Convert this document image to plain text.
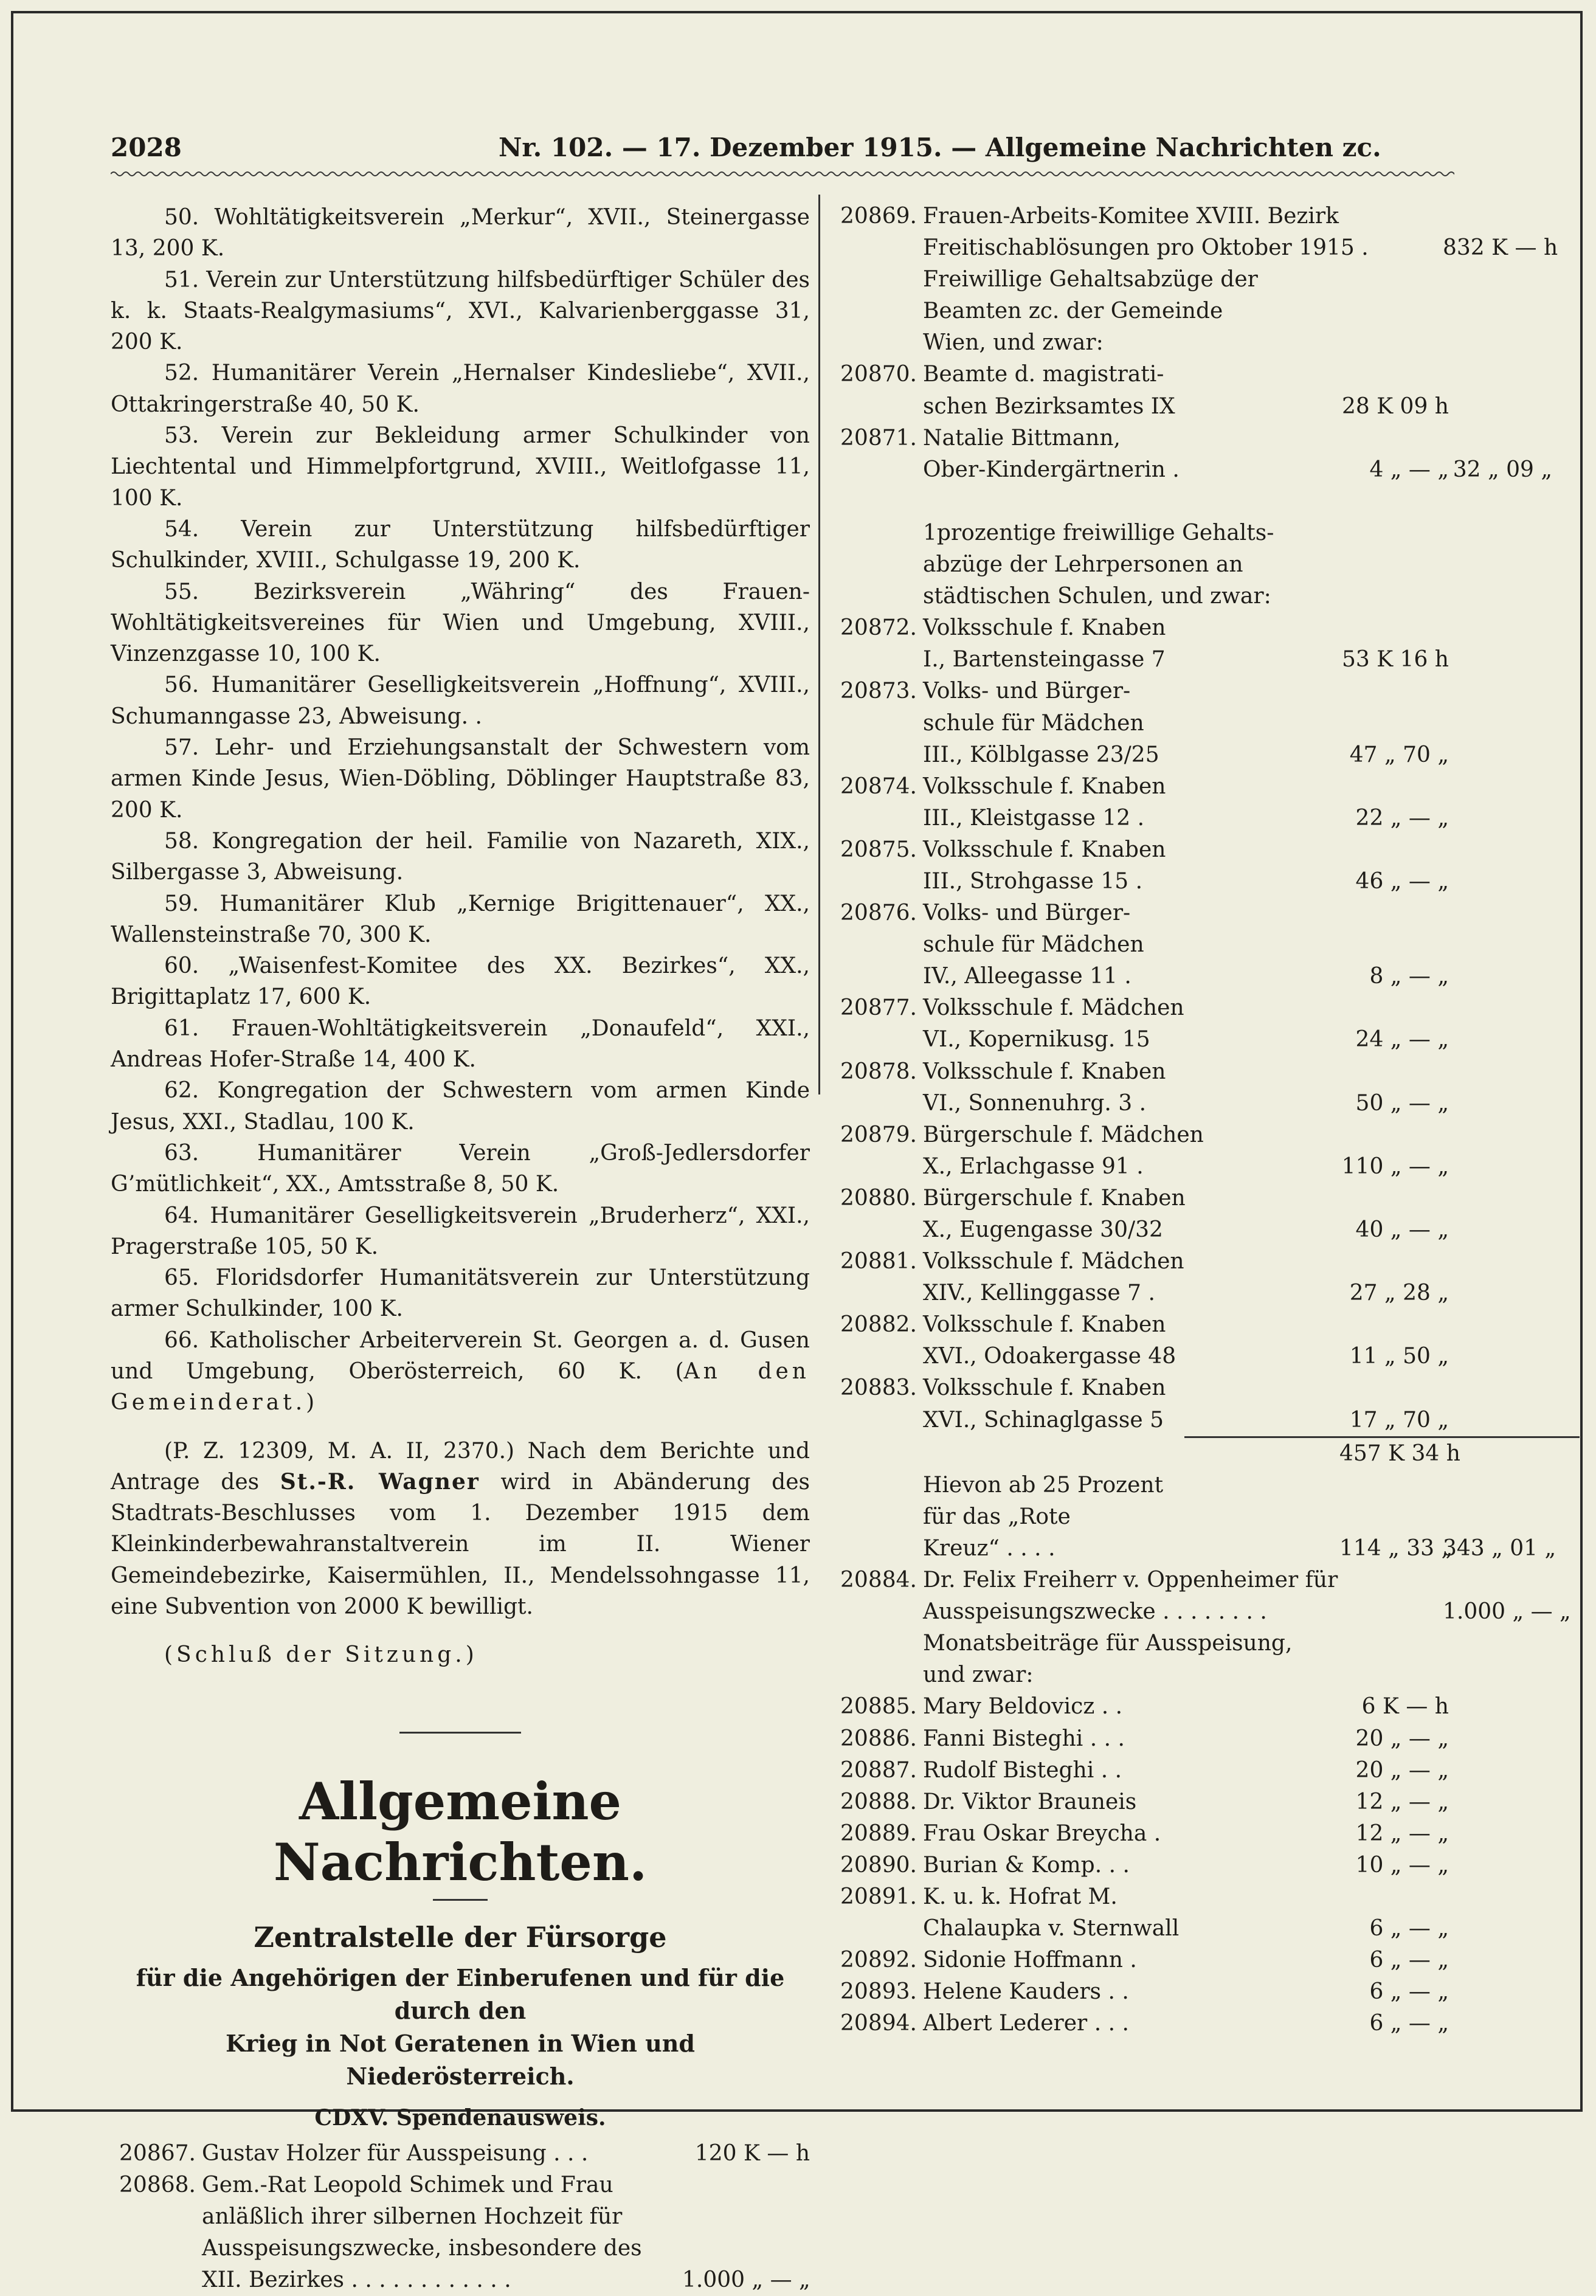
2028	Nr. 102. — 17. Dezember 1915. — Allgemeine Nachrichten zc.

50. Wohltätigkeitsverein „Merkur“, XVII., Steinergasse 13, 200 K.

51. Verein zur Unterstützung hilfsbedürftiger Schüler des k. k. Staats-Realgymasiums“, XVI., Kalvarienberggasse 31, 200 K.

52. Humanitärer Verein „Hernalser Kindesliebe“, XVII., Ottakringerstraße 40, 50 K.

53. Verein zur Bekleidung armer Schulkinder von Liechtental und Himmelpfortgrund, XVIII., Weitlofgasse 11, 100 K.

54. Verein zur Unterstützung hilfsbedürftiger Schulkinder, XVIII., Schulgasse 19, 200 K.

55. Bezirksverein „Währing“ des Frauen-Wohltätigkeitsvereines für Wien und Umgebung, XVIII., Vinzenzgasse 10, 100 K.

56. Humanitärer Geselligkeitsverein „Hoffnung“, XVIII., Schumanngasse 23, Abweisung. .

57. Lehr- und Erziehungsanstalt der Schwestern vom armen Kinde Jesus, Wien-Döbling, Döblinger Hauptstraße 83, 200 K.

58. Kongregation der heil. Familie von Nazareth, XIX., Silbergasse 3, Abweisung.

59. Humanitärer Klub „Kernige Brigittenauer“, XX., Wallensteinstraße 70, 300 K.

60. „Waisenfest-Komitee des XX. Bezirkes“, XX., Brigittaplatz 17, 600 K.

61. Frauen-Wohltätigkeitsverein „Donaufeld“, XXI., Andreas Hofer-Straße 14, 400 K.

62. Kongregation der Schwestern vom armen Kinde Jesus, XXI., Stadlau, 100 K.

63. Humanitärer Verein „Groß-Jedlersdorfer G’mütlichkeit“, XX., Amtsstraße 8, 50 K.

64. Humanitärer Geselligkeitsverein „Bruderherz“, XXI., Pragerstraße 105, 50 K.

65. Floridsdorfer Humanitätsverein zur Unterstützung armer Schulkinder, 100 K.

66. Katholischer Arbeiterverein St. Georgen a. d. Gusen und Umgebung, Oberösterreich, 60 K. (An den Gemeinderat.)

(P. Z. 12309, M. A. II, 2370.) Nach dem Berichte und Antrage des St.-R. Wagner wird in Abänderung des Stadtrats-Beschlusses vom 1. Dezember 1915 dem Kleinkinderbewahranstaltverein im II. Wiener Gemeindebezirke, Kaisermühlen, II., Mendelssohngasse 11, eine Subvention von 2000 K bewilligt.

(Schluß der Sitzung.)

Allgemeine Nachrichten.
Zentralstelle der Fürsorge
für die Angehörigen der Einberufenen und für die durch den
Krieg in Not Geratenen in Wien und Niederösterreich.
CDXV. Spendenausweis.
20867. Gustav Holzer für Ausspeisung . . .	120 K — h
20868. Gem.-Rat Leopold Schimek und Frau
anläßlich ihrer silbernen Hochzeit für
Ausspeisungszwecke, insbesondere des
XII. Bezirkes . . . . . . . . . . . .	1.000 „ — „
20869. Frauen-Arbeits-Komitee XVIII. Bezirk
Freitischablösungen pro Oktober 1915 .	832 K — h
Freiwillige Gehaltsabzüge der
Beamten zc. der Gemeinde
Wien, und zwar:
20870. Beamte d. magistrati-
schen Bezirksamtes IX	28 K 09 h
20871. Natalie Bittmann,
Ober-Kindergärtnerin .	4 „ — „ 32 „ 09 „
1prozentige freiwillige Gehalts-
abzüge der Lehrpersonen an
städtischen Schulen, und zwar:
20872. Volksschule f. Knaben
I., Bartensteingasse 7	53 K 16 h
20873. Volks- und Bürger-
schule für Mädchen
III., Kölblgasse 23/25	47 „ 70 „
20874. Volksschule f. Knaben
III., Kleistgasse 12 .	22 „ — „
20875. Volksschule f. Knaben
III., Strohgasse 15 .	46 „ — „
20876. Volks- und Bürger-
schule für Mädchen
IV., Alleegasse 11 .	8 „ — „
20877. Volksschule f. Mädchen
VI., Kopernikusg. 15	24 „ — „
20878. Volksschule f. Knaben
VI., Sonnenuhrg. 3 .	50 „ — „
20879. Bürgerschule f. Mädchen
X., Erlachgasse 91 .	110 „ — „
20880. Bürgerschule f. Knaben
X., Eugengasse 30/32	40 „ — „
20881. Volksschule f. Mädchen
XIV., Kellinggasse 7 .	27 „ 28 „
20882. Volksschule f. Knaben
XVI., Odoakergasse 48	11 „ 50 „
20883. Volksschule f. Knaben
XVI., Schinaglgasse 5	17 „ 70 „
457 K 34 h
Hievon ab 25 Prozent
für das „Rote
Kreuz“ . . . .	114 „ 33 „
343 „ 01 „
20884. Dr. Felix Freiherr v. Oppenheimer für
Ausspeisungszwecke . . . . . . . .	1.000 „ — „
Monatsbeiträge für Ausspeisung,
und zwar:
20885. Mary Beldovicz . .	6 K — h
20886. Fanni Bisteghi . . .	20 „ — „
20887. Rudolf Bisteghi . .	20 „ — „
20888. Dr. Viktor Brauneis	12 „ — „
20889. Frau Oskar Breycha .	12 „ — „
20890. Burian & Komp. . .	10 „ — „
20891. K. u. k. Hofrat M.
Chalaupka v. Sternwall	6 „ — „
20892. Sidonie Hoffmann .	6 „ — „
20893. Helene Kauders . .	6 „ — „
20894. Albert Lederer . . .	6 „ — „
